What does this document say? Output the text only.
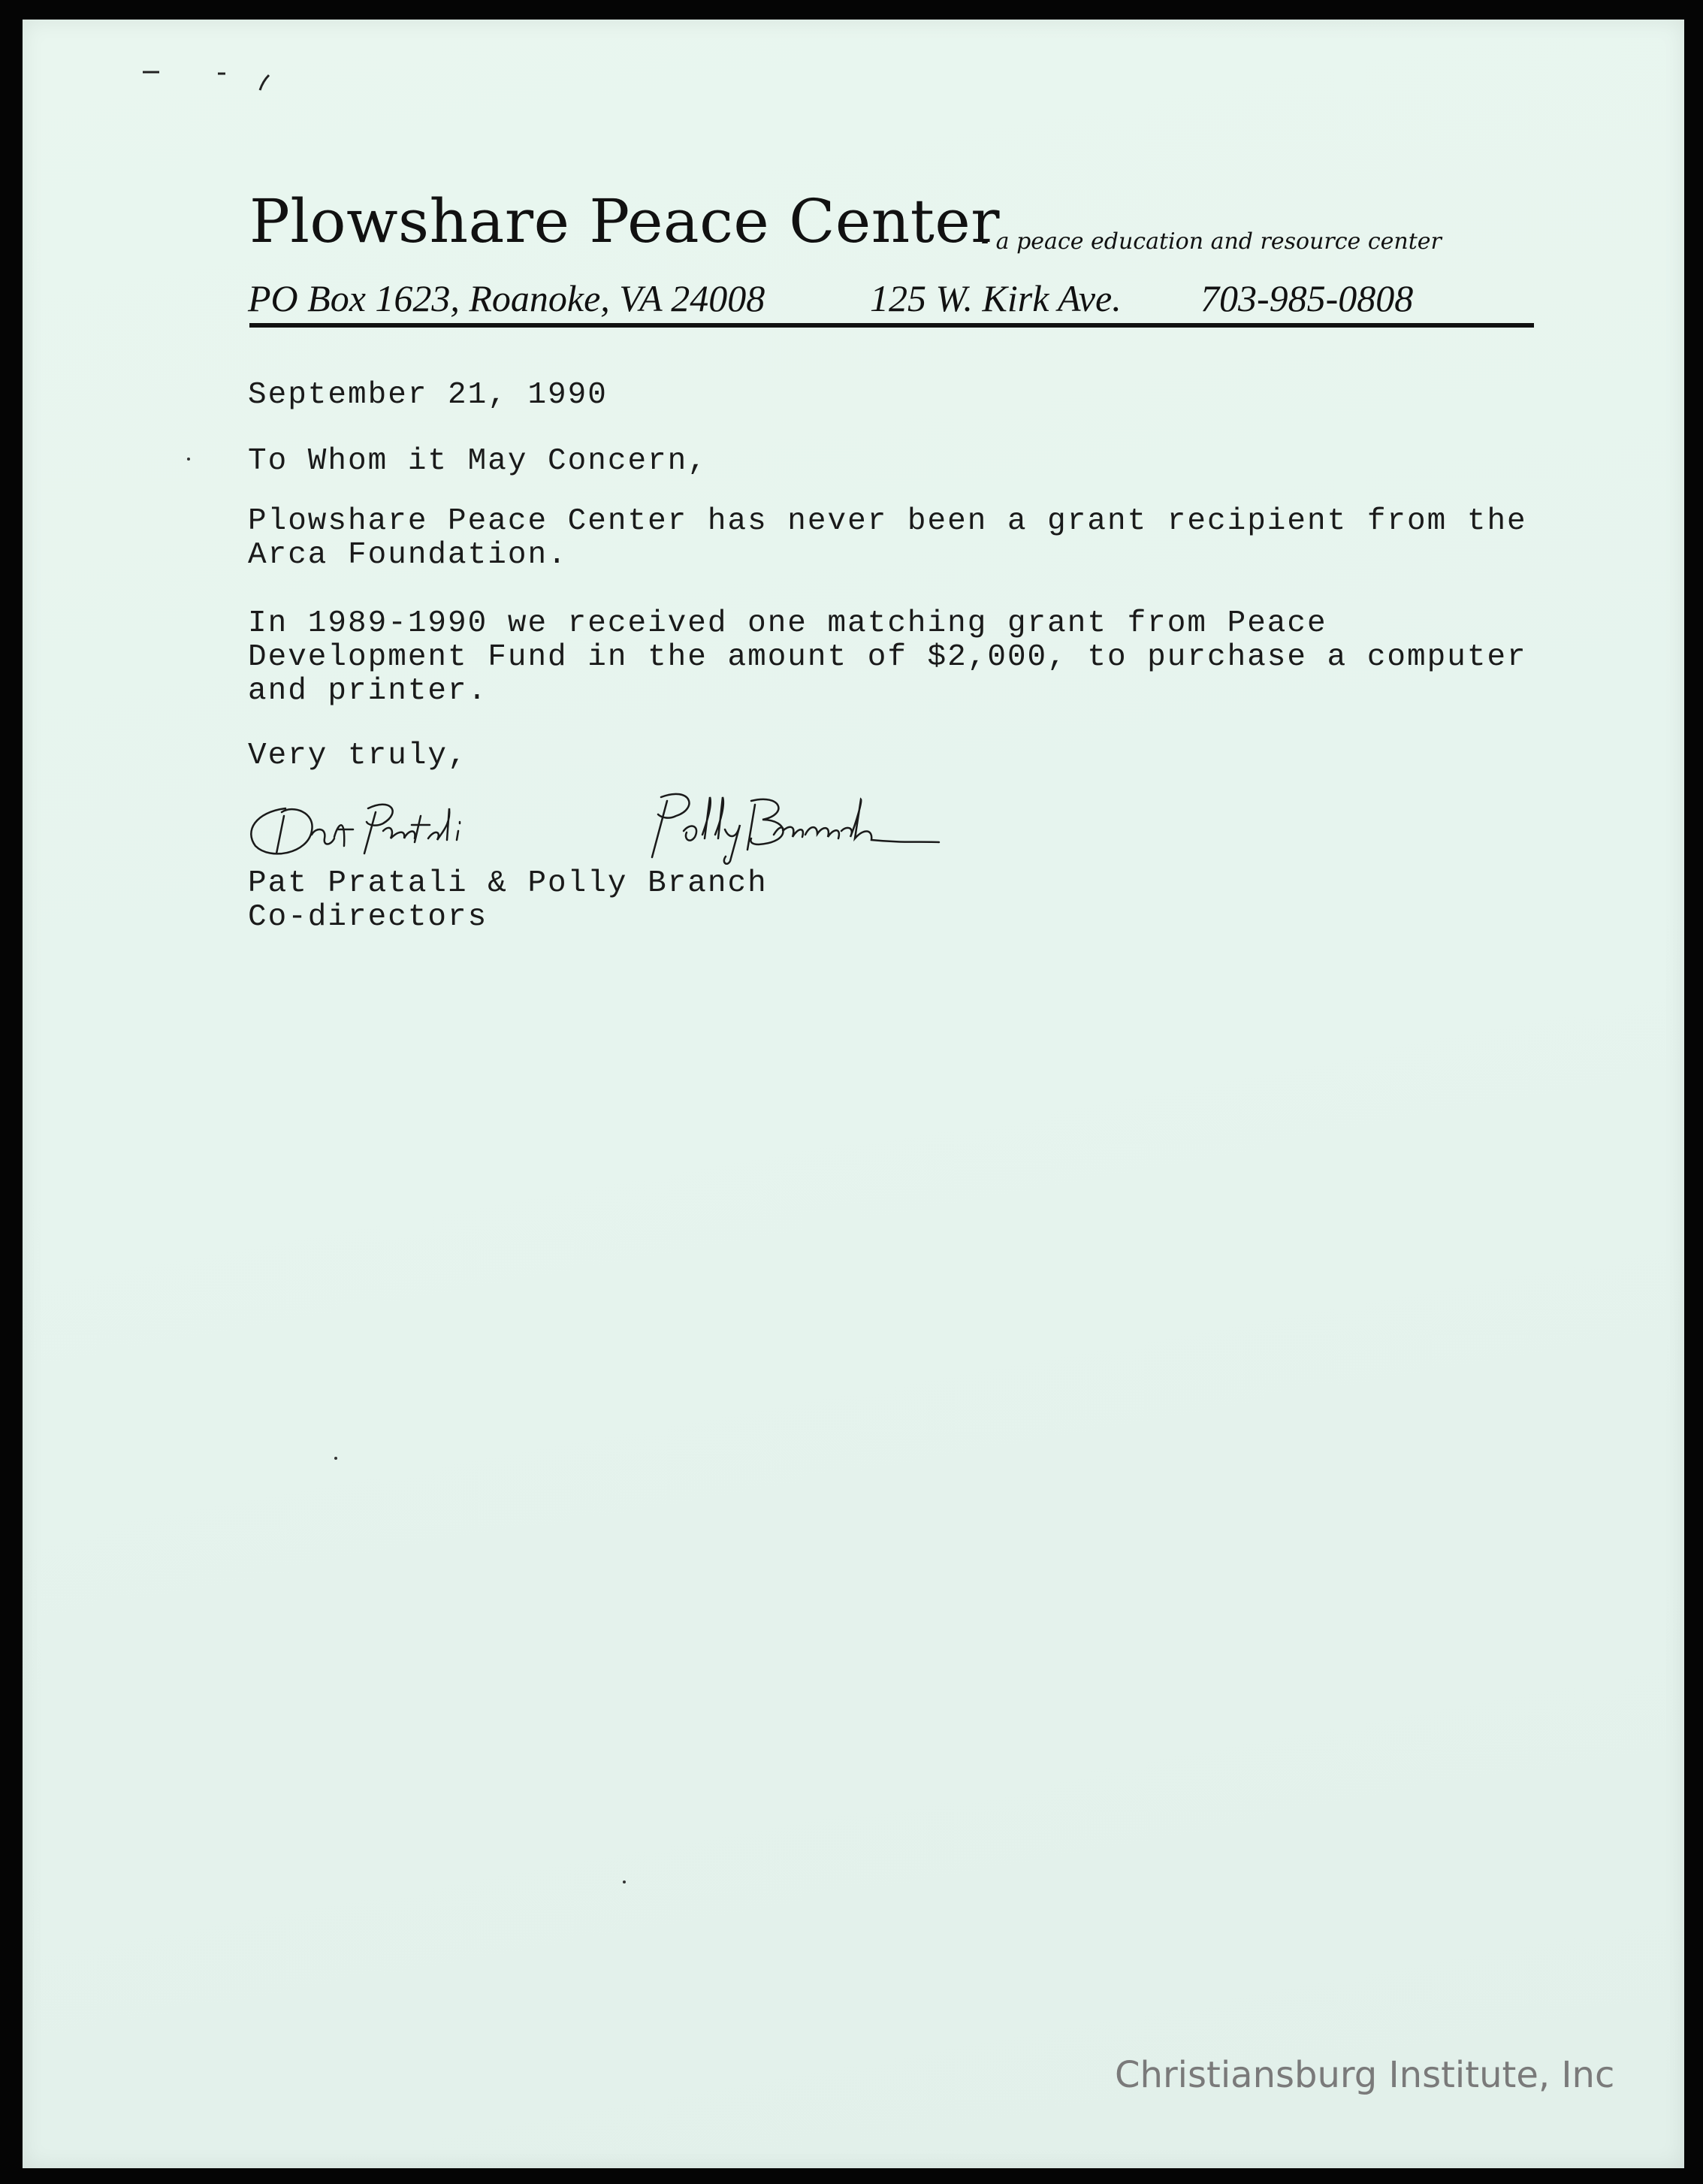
Plowshare Peace Center
- a peace education and resource center
PO Box 1623, Roanoke, VA 24008	125 W. Kirk Ave. 703-985-0808
September 21, 1990
To Whom it May Concern,
Plowshare Peace Center has never been a grant recipient from the
Arca Foundation.
In 1989-1990 we received one matching grant from Peace
Development Fund in the amount of $2,000, to purchase a computer
and printer.
Very truly,
Pat Pratali & Polly Branch
Co-directors
Christiansburg Institute, Inc
